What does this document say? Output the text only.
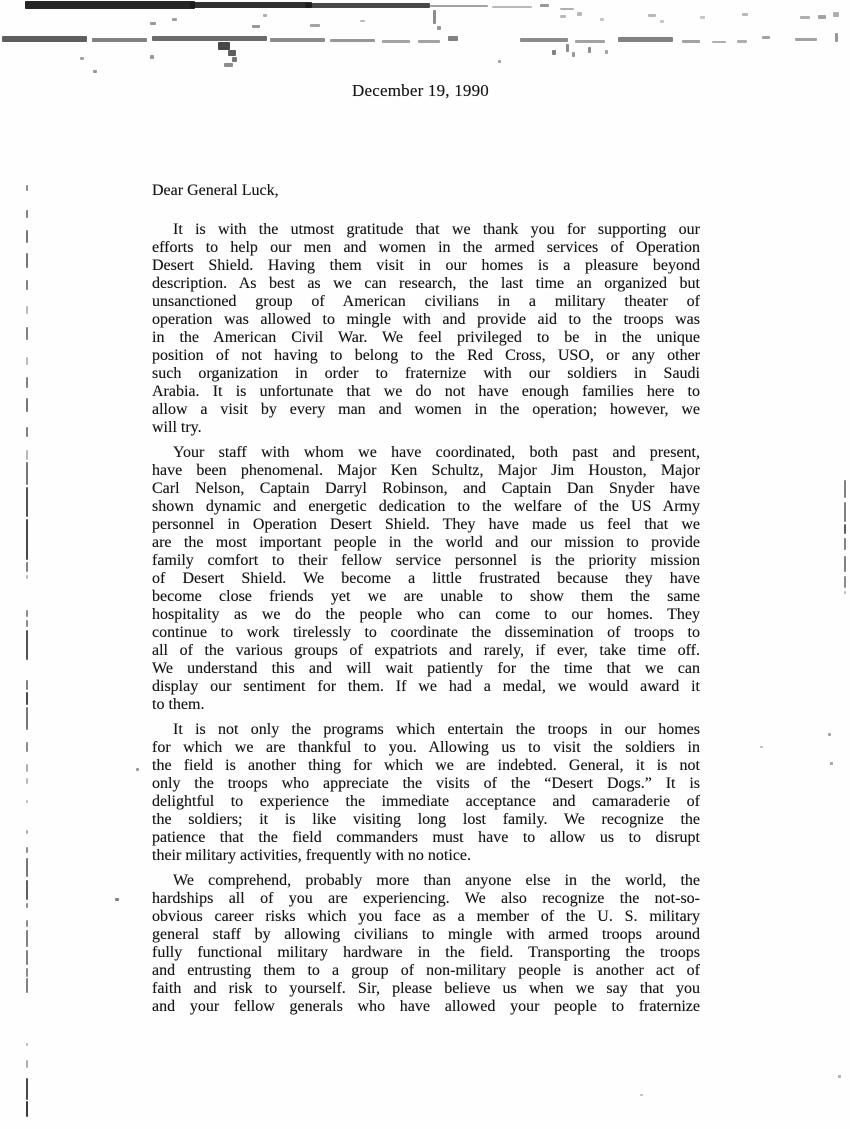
December 19, 1990
Dear General Luck,
It is with the utmost gratitude that we thank you for supporting our
efforts to help our men and women in the armed services of Operation
Desert Shield. Having them visit in our homes is a pleasure beyond
description. As best as we can research, the last time an organized but
unsanctioned group of American civilians in a military theater of
operation was allowed to mingle with and provide aid to the troops was
in the American Civil War. We feel privileged to be in the unique
position of not having to belong to the Red Cross, USO, or any other
such organization in order to fraternize with our soldiers in Saudi
Arabia. It is unfortunate that we do not have enough families here to
allow a visit by every man and women in the operation; however, we
will try.
Your staff with whom we have coordinated, both past and present,
have been phenomenal. Major Ken Schultz, Major Jim Houston, Major
Carl Nelson, Captain Darryl Robinson, and Captain Dan Snyder have
shown dynamic and energetic dedication to the welfare of the US Army
personnel in Operation Desert Shield. They have made us feel that we
are the most important people in the world and our mission to provide
family comfort to their fellow service personnel is the priority mission
of Desert Shield. We become a little frustrated because they have
become close friends yet we are unable to show them the same
hospitality as we do the people who can come to our homes. They
continue to work tirelessly to coordinate the dissemination of troops to
all of the various groups of expatriots and rarely, if ever, take time off.
We understand this and will wait patiently for the time that we can
display our sentiment for them. If we had a medal, we would award it
to them.
It is not only the programs which entertain the troops in our homes
for which we are thankful to you. Allowing us to visit the soldiers in
the field is another thing for which we are indebted. General, it is not
only the troops who appreciate the visits of the “Desert Dogs.” It is
delightful to experience the immediate acceptance and camaraderie of
the soldiers; it is like visiting long lost family. We recognize the
patience that the field commanders must have to allow us to disrupt
their military activities, frequently with no notice.
We comprehend, probably more than anyone else in the world, the
hardships all of you are experiencing. We also recognize the not-so-
obvious career risks which you face as a member of the U. S. military
general staff by allowing civilians to mingle with armed troops around
fully functional military hardware in the field. Transporting the troops
and entrusting them to a group of non-military people is another act of
faith and risk to yourself. Sir, please believe us when we say that you
and your fellow generals who have allowed your people to fraternize
